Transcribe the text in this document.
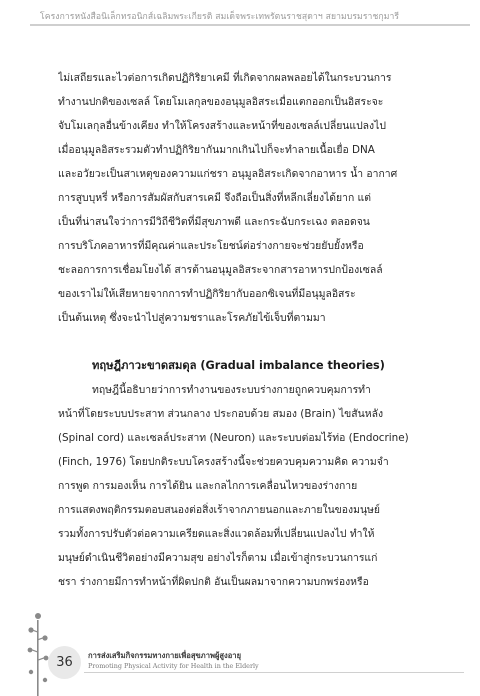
โครงการหนังสือนิเล็กทรอนิกส์เฉลิมพระเกียรติ สมเด็จพระเทพรัตนราชสุดาฯ สยามบรมราชกุมารี
ไม่เสถียรและไวต่อการเกิดปฏิกิริยาเคมี ที่เกิดจากผลพลอยได้ในกระบวนการ
ทำงานปกติของเซลล์ โดยโมเลกุลของอนุมูลอิสระเมื่อแตกออกเป็นอิสระจะ
จับโมเลกุลอื่นข้างเคียง ทำให้โครงสร้างและหน้าที่ของเซลล์เปลี่ยนแปลงไป
เมื่ออนุมูลอิสระรวมตัวทำปฏิกิริยากันมากเกินไปก็จะทำลายเนื้อเยื่อ DNA
และอวัยวะเป็นสาเหตุของความแก่ชรา อนุมูลอิสระเกิดจากอาหาร น้ำ อากาศ
การสูบบุหรี่ หรือการสัมผัสกับสารเคมี จึงถือเป็นสิ่งที่หลีกเลี่ยงได้ยาก แต่
เป็นที่น่าสนใจว่าการมีวิถีชีวิตที่มีสุขภาพดี และกระฉับกระเฉง ตลอดจน
การบริโภคอาหารที่มีคุณค่าและประโยชน์ต่อร่างกายจะช่วยยับยั้งหรือ
ชะลอการการเชื่อมโยงได้ สารต้านอนุมูลอิสระจากสารอาหารปกป้องเซลล์
ของเราไม่ให้เสียหายจากการทำปฏิกิริยากับออกซิเจนที่มีอนุมูลอิสระ
เป็นต้นเหตุ ซึ่งจะนำไปสู่ความชราและโรคภัยไข้เจ็บที่ตามมา
ทฤษฎีภาวะขาดสมดุล (Gradual imbalance theories)
ทฤษฎีนี้อธิบายว่าการทำงานของระบบร่างกายถูกควบคุมการทำ
หน้าที่โดยระบบประสาท ส่วนกลาง ประกอบด้วย สมอง (Brain) ไขสันหลัง
(Spinal cord) และเซลล์ประสาท (Neuron) และระบบต่อมไร้ท่อ (Endocrine)
(Finch, 1976) โดยปกติระบบโครงสร้างนี้จะช่วยควบคุมความคิด ความจำ
การพูด การมองเห็น การได้ยิน และกลไกการเคลื่อนไหวของร่างกาย
การแสดงพฤติกรรมตอบสนองต่อสิ่งเร้าจากภายนอกและภายในของมนุษย์
รวมทั้งการปรับตัวต่อความเครียดและสิ่งแวดล้อมที่เปลี่ยนแปลงไป ทำให้
มนุษย์ดำเนินชีวิตอย่างมีความสุข อย่างไรก็ตาม เมื่อเข้าสู่กระบวนการแก่
ชรา ร่างกายมีการทำหน้าที่ผิดปกติ อันเป็นผลมาจากความบกพร่องหรือ
36	การส่งเสริมกิจกรรมทางกายเพื่อสุขภาพผู้สูงอายุ
Promoting Physical Activity for Health in the Elderly
